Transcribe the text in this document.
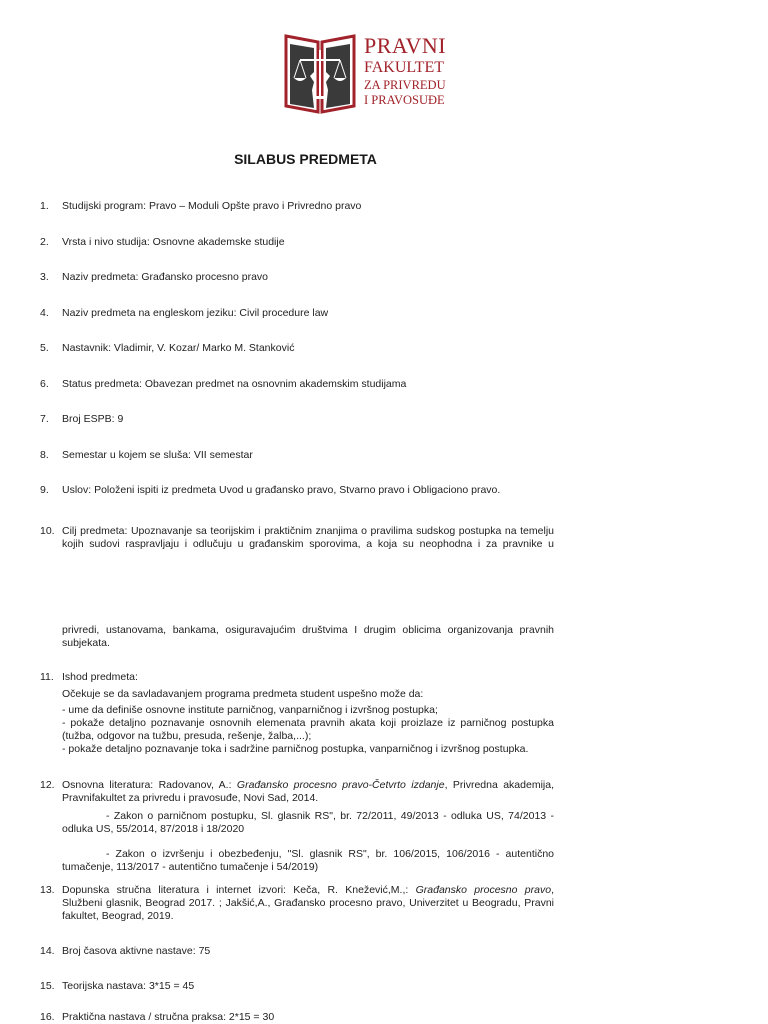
PRAVNI
FAKULTET
ZA PRIVREDU
I PRAVOSUĐE
SILABUS PREDMETA
1.	Studijski program: Pravo – Moduli Opšte pravo i Privredno pravo
2.	Vrsta i nivo studija: Osnovne akademske studije
3.	Naziv predmeta: Građansko procesno pravo
4.	Naziv predmeta na engleskom jeziku: Civil procedure law
5.	Nastavnik: Vladimir, V. Kozar/ Marko M. Stanković
6.	Status predmeta: Obavezan predmet na osnovnim akademskim studijama
7.	Broj ESPB: 9
8.	Semestar u kojem se sluša: VII semestar
9.	Uslov: Položeni ispiti iz predmeta Uvod u građansko pravo, Stvarno pravo i Obligaciono pravo.
10. Cilj predmeta: Upoznavanje sa teorijskim i praktičnim znanjima o pravilima sudskog postupka na temelju
kojih sudovi raspravljaju i odlučuju u građanskim sporovima, a koja su neophodna i za pravnike u
privredi, ustanovama, bankama, osiguravajućim društvima I drugim oblicima organizovanja pravnih
subjekata.
11. Ishod predmeta:
Očekuje se da savladavanjem programa predmeta student uspešno može da:
- ume da definiše osnovne institute parničnog, vanparničnog i izvršnog postupka;
- pokaže detaljno poznavanje osnovnih elemenata pravnih akata koji proizlaze iz parničnog postupka
(tužba, odgovor na tužbu, presuda, rešenje, žalba,...);
- pokaže detaljno poznavanje toka i sadržine parničnog postupka, vanparničnog i izvršnog postupka.
12. Osnovna literatura: Radovanov, A.: Građansko procesno pravo-Četvrto izdanje, Privredna akademija,
Pravnifakultet za privredu i pravosuđe, Novi Sad, 2014.
- Zakon o parničnom postupku, Sl. glasnik RS", br. 72/2011, 49/2013 - odluka US, 74/2013 -
odluka US, 55/2014, 87/2018 i 18/2020
- Zakon o izvršenju i obezbeđenju, "Sl. glasnik RS", br. 106/2015, 106/2016 - autentično
tumačenje, 113/2017 - autentično tumačenje i 54/2019)
13. Dopunska stručna literatura i internet izvori: Keča, R. Knežević,M.,: Građansko procesno pravo,
Službeni glasnik, Beograd 2017. ; Jakšić,A., Građansko procesno pravo, Univerzitet u Beogradu, Pravni
fakultet, Beograd, 2019.
14. Broj časova aktivne nastave: 75
15. Teorijska nastava: 3*15 = 45
16. Praktična nastava / stručna praksa: 2*15 = 30
